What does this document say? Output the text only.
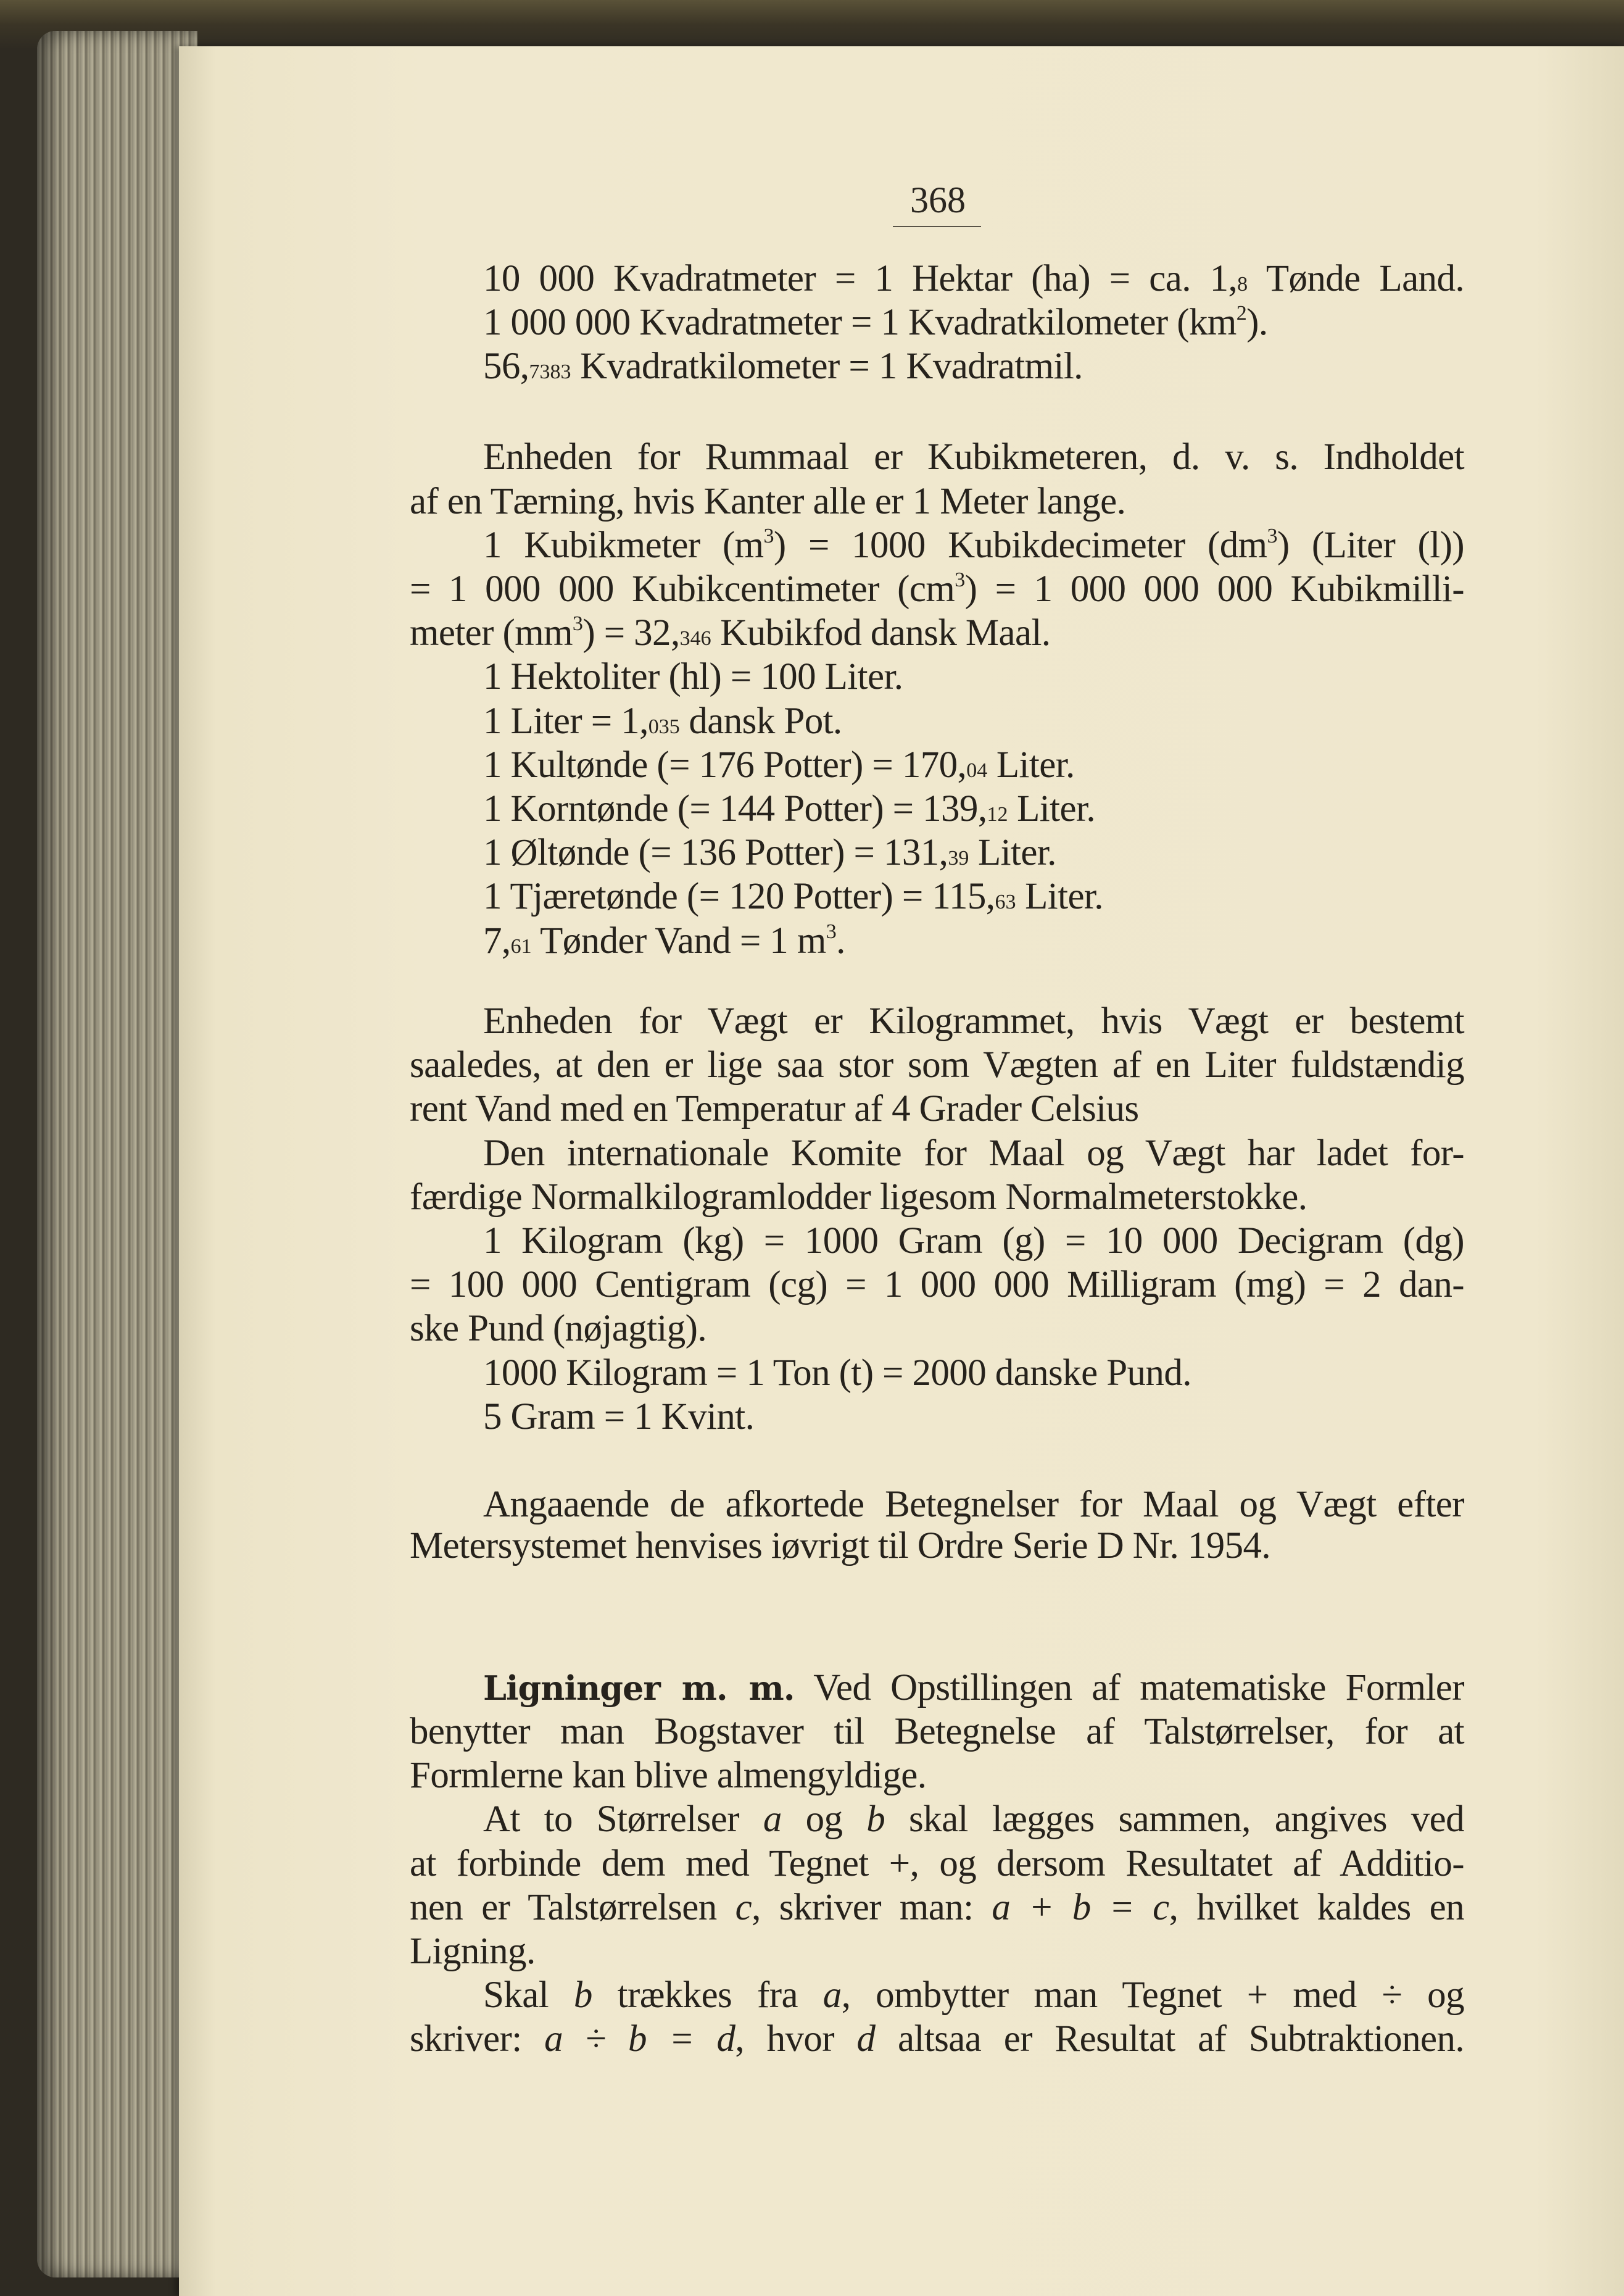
368
10 000 Kvadratmeter = 1 Hektar (ha) = ca. 1,8 Tønde Land.
1 000 000 Kvadratmeter = 1 Kvadratkilometer $(km^2)$.
56,7383 Kvadratkilometer = 1 Kvadratmil.
Enheden for Rummaal er Kubikmeteren, d. v. s. Indholdet
af en Tærning, hvis Kanter alle er 1 Meter lange.
1 Kubikmeter $(m^3) = 1000$ Kubikdecimeter $(dm^3)$ (Liter (l))
= 1 000 000 Kubikcentimeter $(cm^3) = 1$ 000 000 000 Kubikmilli-
meter $(mm^3) = 32,346$ Kubikfod dansk Maal.
1 Hektoliter (hl) = 100 Liter.
1 Liter = 1,035 dansk Pot.
1 Kultønde (= 176 Potter) = 170,04 Liter.
1 Korntønde (= 144 Potter) = 139,12 Liter.
1 Øltønde (= 136 Potter) = 131,39 Liter.
1 Tjæretønde (= 120 Potter) = 115,63 Liter.
7,61 Tønder Vand = 1 $m^3$.
Enheden for Vægt er Kilogrammet, hvis Vægt er bestemt
saaledes, at den er lige saa stor som Vægten af en Liter fuldstændig
rent Vand med en Temperatur af 4 Grader Celsius
Den internationale Komite for Maal og Vægt har ladet for-
færdige Normalkilogramlodder ligesom Normalmeterstokke.
1 Kilogram (kg) = 1000 Gram (g) = 10 000 Decigram (dg)
= 100 000 Centigram (cg) = 1 000 000 Milligram (mg) = 2 dan-
ske Pund (nøjagtig).
1000 Kilogram = 1 Ton (t) = 2000 danske Pund.
5 Gram = 1 Kvint.
Angaaende de afkortede Betegnelser for Maal og Vægt efter
Metersystemet henvises iøvrigt til Ordre Serie D Nr. 1954.
Ligninger m. m. Ved Opstillingen af matematiske Formler
benytter man Bogstaver til Betegnelse af Talstørrelser, for at
Formlerne kan blive almengyldige.
At to Størrelser a og b skal lægges sammen, angives ved
at forbinde dem med Tegnet +, og dersom Resultatet af Additio-
nen er Talstørrelsen c, skriver man: a + b = c, hvilket kaldes en
Ligning.
Skal b trækkes fra a, ombytter man Tegnet + med ÷ og
skriver: a ÷ b = d, hvor d altsaa er Resultat af Subtraktionen.
